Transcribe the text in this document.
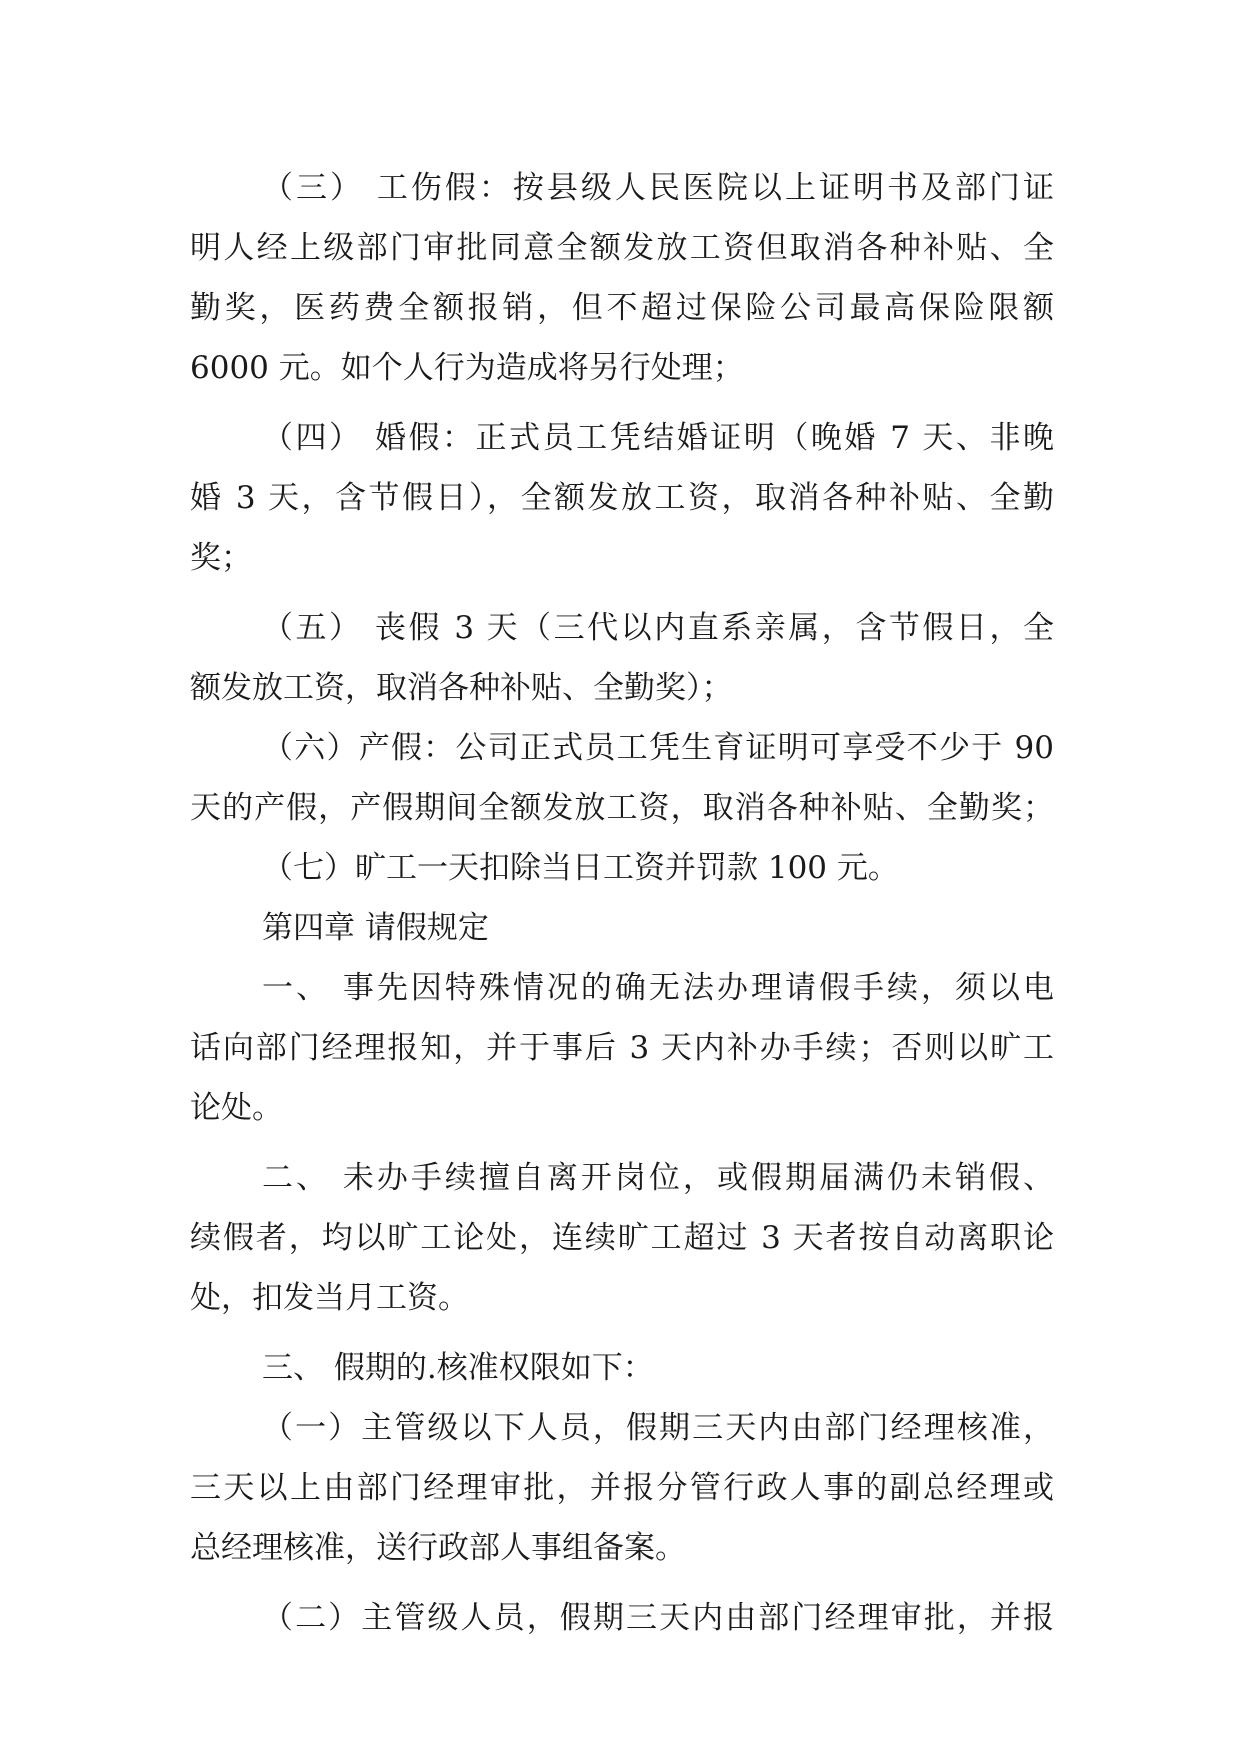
（三） 工伤假：按县级人民医院以上证明书及部门证
明人经上级部门审批同意全额发放工资但取消各种补贴、全
勤奖，医药费全额报销，但不超过保险公司最高保险限额
6000 元。如个人行为造成将另行处理；
（四） 婚假：正式员工凭结婚证明（晚婚 7 天、非晚
婚 3 天，含节假日），全额发放工资，取消各种补贴、全勤
奖；
（五） 丧假 3 天（三代以内直系亲属，含节假日，全
额发放工资，取消各种补贴、全勤奖）；
（六）产假：公司正式员工凭生育证明可享受不少于 90
天的产假，产假期间全额发放工资，取消各种补贴、全勤奖；
（七）旷工一天扣除当日工资并罚款 100 元。
第四章 请假规定
一、 事先因特殊情况的确无法办理请假手续，须以电
话向部门经理报知，并于事后 3 天内补办手续；否则以旷工
论处。
二、 未办手续擅自离开岗位，或假期届满仍未销假、
续假者，均以旷工论处，连续旷工超过 3 天者按自动离职论
处，扣发当月工资。
三、 假期的.核准权限如下：
（一）主管级以下人员，假期三天内由部门经理核准，
三天以上由部门经理审批，并报分管行政人事的副总经理或
总经理核准，送行政部人事组备案。
（二）主管级人员，假期三天内由部门经理审批，并报
